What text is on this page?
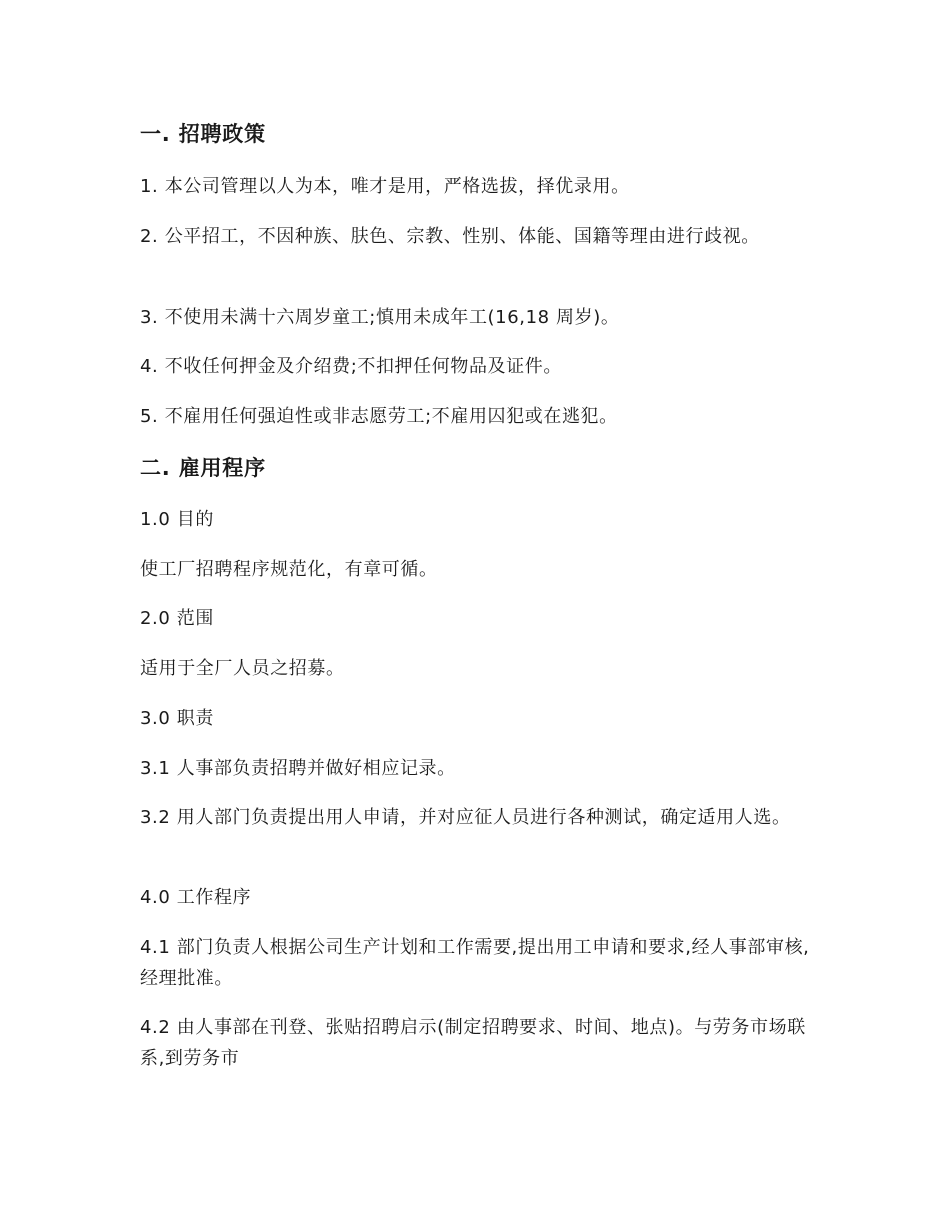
一. 招聘政策

1. 本公司管理以人为本，唯才是用，严格选拔，择优录用。

2. 公平招工，不因种族、肤色、宗教、性别、体能、国籍等理由进行歧视。

3. 不使用未满十六周岁童工;慎用未成年工(16,18 周岁)。

4. 不收任何押金及介绍费;不扣押任何物品及证件。

5. 不雇用任何强迫性或非志愿劳工;不雇用囚犯或在逃犯。

二. 雇用程序

1.0 目的

使工厂招聘程序规范化，有章可循。

2.0 范围

适用于全厂人员之招募。

3.0 职责

3.1 人事部负责招聘并做好相应记录。

3.2 用人部门负责提出用人申请，并对应征人员进行各种测试，确定适用人选。

4.0 工作程序

4.1 部门负责人根据公司生产计划和工作需要,提出用工申请和要求,经人事部审核,经理批准。

4.2 由人事部在刊登、张贴招聘启示(制定招聘要求、时间、地点)。与劳务市场联系,到劳务市
